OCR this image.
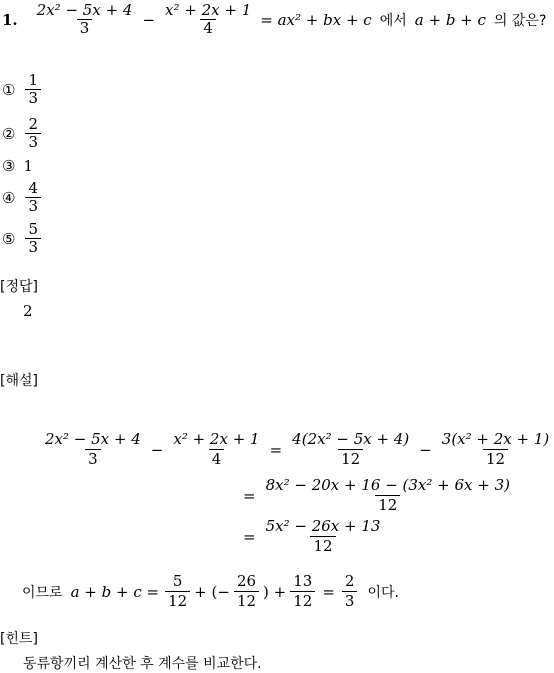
1. $\frac{\text{2x² − 5x + 4}}{3} - \frac{\text{x² + 2x + 1}}{4} = ax^2$ + bx + c 에서 a + b + c 의 값은?
① $\frac{1}{3}$
② $\frac{2}{3}$
③ 1
④ $\frac{4}{3}$
⑤ $\frac{5}{3}$
[정답]
2
[해설]
$\frac{\text{2x² − 5x + 4}}{3} - \frac{\text{x² + 2x + 1}}{4} = \frac{\text{4(2x² − 5x + 4)}}{12} - \frac{\text{3(x² + 2x + 1)}}{12}$
= $\frac{\text{8x² − 20x + 16 − (3x² + 6x + 3)}}{12}$
= $\frac{\text{5x² − 26x + 13}}{12}$
이므로 $a + b + c = \frac{5}{12}$ + (− $\frac{26}{12}$ ) + $\frac{13}{12} = \frac{2}{3}$ 이다.
[힌트]
동류항끼리 계산한 후 계수를 비교한다.
